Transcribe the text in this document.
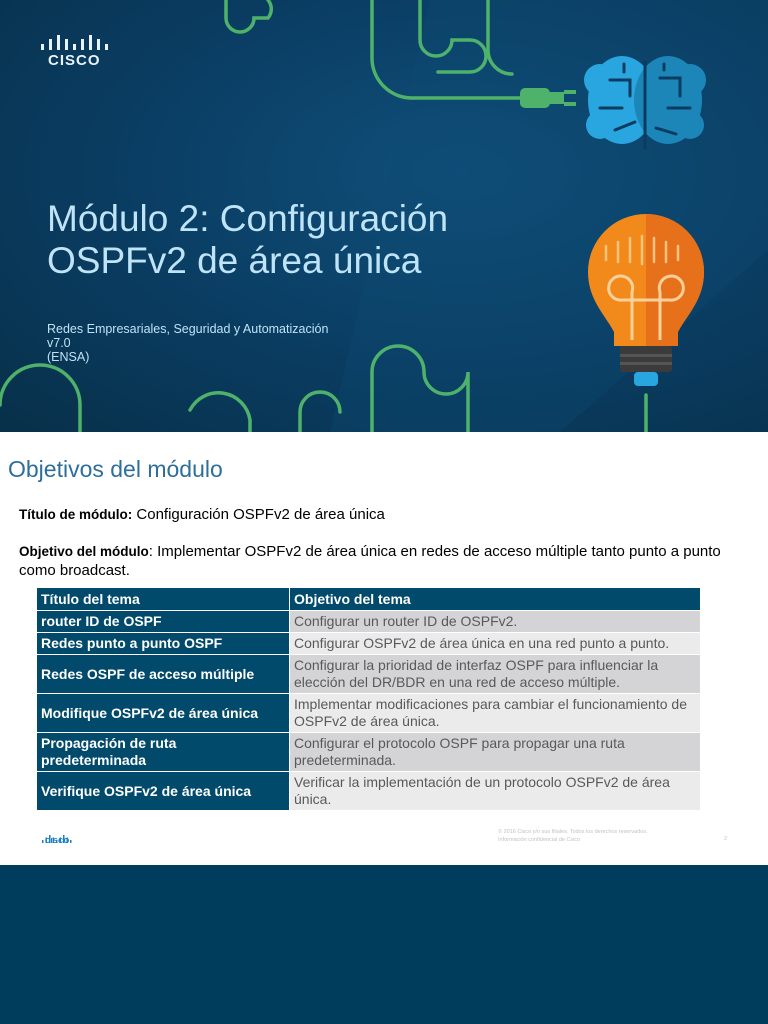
CISCO
Módulo 2: Configuración OSPFv2 de área única
Redes Empresariales, Seguridad y Automatización
v7.0
(ENSA)
Objetivos del módulo
Título de módulo: Configuración OSPFv2 de área única
Objetivo del módulo: Implementar OSPFv2 de área única en redes de acceso múltiple tanto punto a punto como broadcast.
Título del tema	Objetivo del tema
router ID de OSPF	Configurar un router ID de OSPFv2.
Redes punto a punto OSPF	Configurar OSPFv2 de área única en una red punto a punto.
Redes OSPF de acceso múltiple	Configurar la prioridad de interfaz OSPF para influenciar la elección del DR/BDR en una red de acceso múltiple.
Modifique OSPFv2 de área única	Implementar modificaciones para cambiar el funcionamiento de OSPFv2 de área única.
Propagación de ruta predeterminada	Configurar el protocolo OSPF para propagar una ruta predeterminada.
Verifique OSPFv2 de área única	Verificar la implementación de un protocolo OSPFv2 de área única.
CISCO
© 2016 Cisco y/o sus filiales. Todos los derechos reservados.
Información confidencial de Cisco	2
